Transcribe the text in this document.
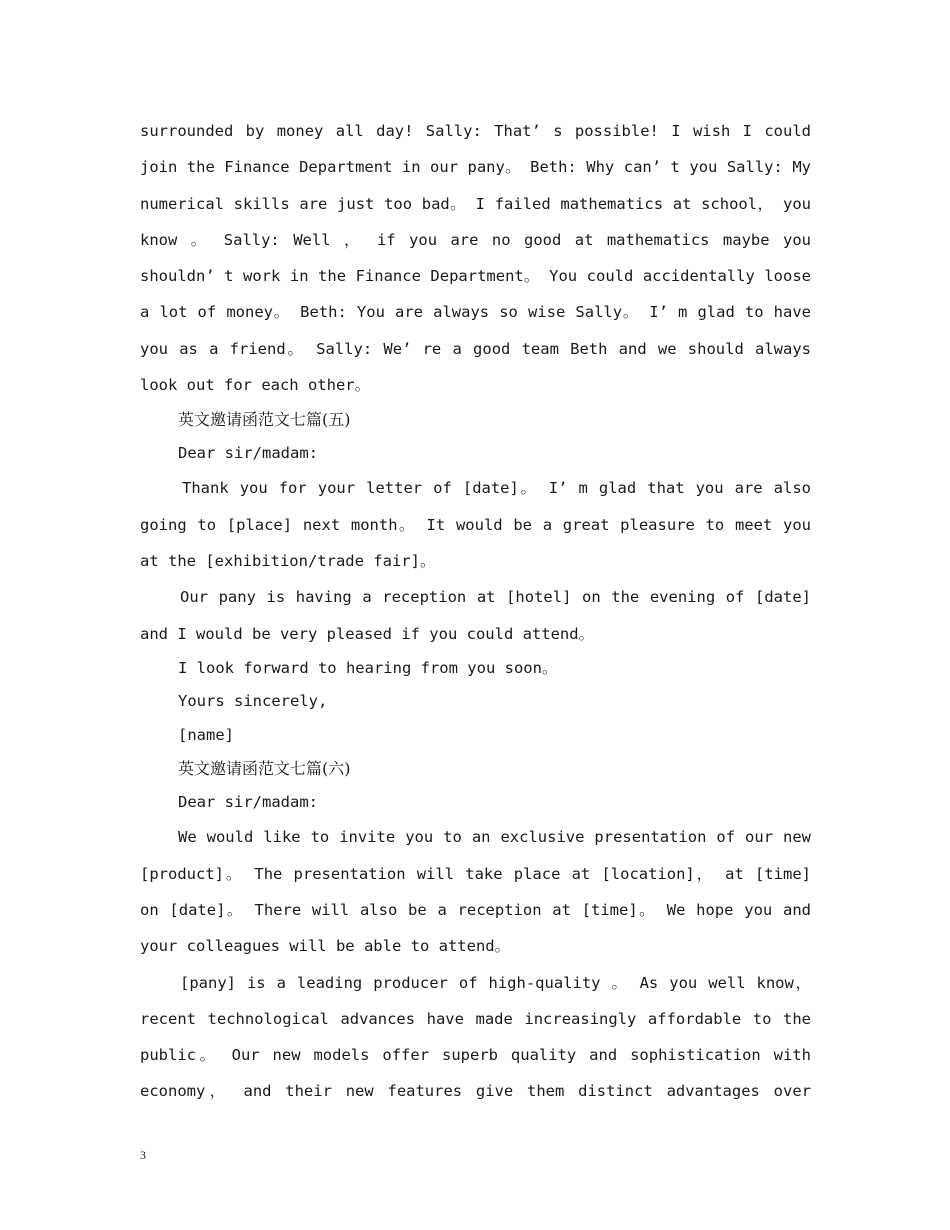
surrounded by money all day! Sally: That’ s possible! I wish I could
join the Finance Department in our pany。 Beth: Why can’ t you Sally: My
numerical skills are just too bad。 I failed mathematics at school， you
know 。 Sally: Well ， if you are no good at mathematics maybe you
shouldn’ t work in the Finance Department。 You could accidentally loose
a lot of money。 Beth: You are always so wise Sally。 I’ m glad to have
you as a friend。 Sally: We’ re a good team Beth and we should always
look out for each other。

英文邀请函范文七篇(五)

Dear sir/madam:

Thank you for your letter of [date]。 I’ m glad that you are also
going to [place] next month。 It would be a great pleasure to meet you
at the [exhibition/trade fair]。

Our pany is having a reception at [hotel] on the evening of [date]
and I would be very pleased if you could attend。

I look forward to hearing from you soon。

Yours sincerely,

[name]

英文邀请函范文七篇(六)

Dear sir/madam:

We would like to invite you to an exclusive presentation of our new
[product]。 The presentation will take place at [location]， at [time]
on [date]。 There will also be a reception at [time]。 We hope you and
your colleagues will be able to attend。

[pany] is a leading producer of high-quality 。 As you well know，
recent technological advances have made increasingly affordable to the
public。 Our new models offer superb quality and sophistication with
economy， and their new features give them distinct advantages over

3
